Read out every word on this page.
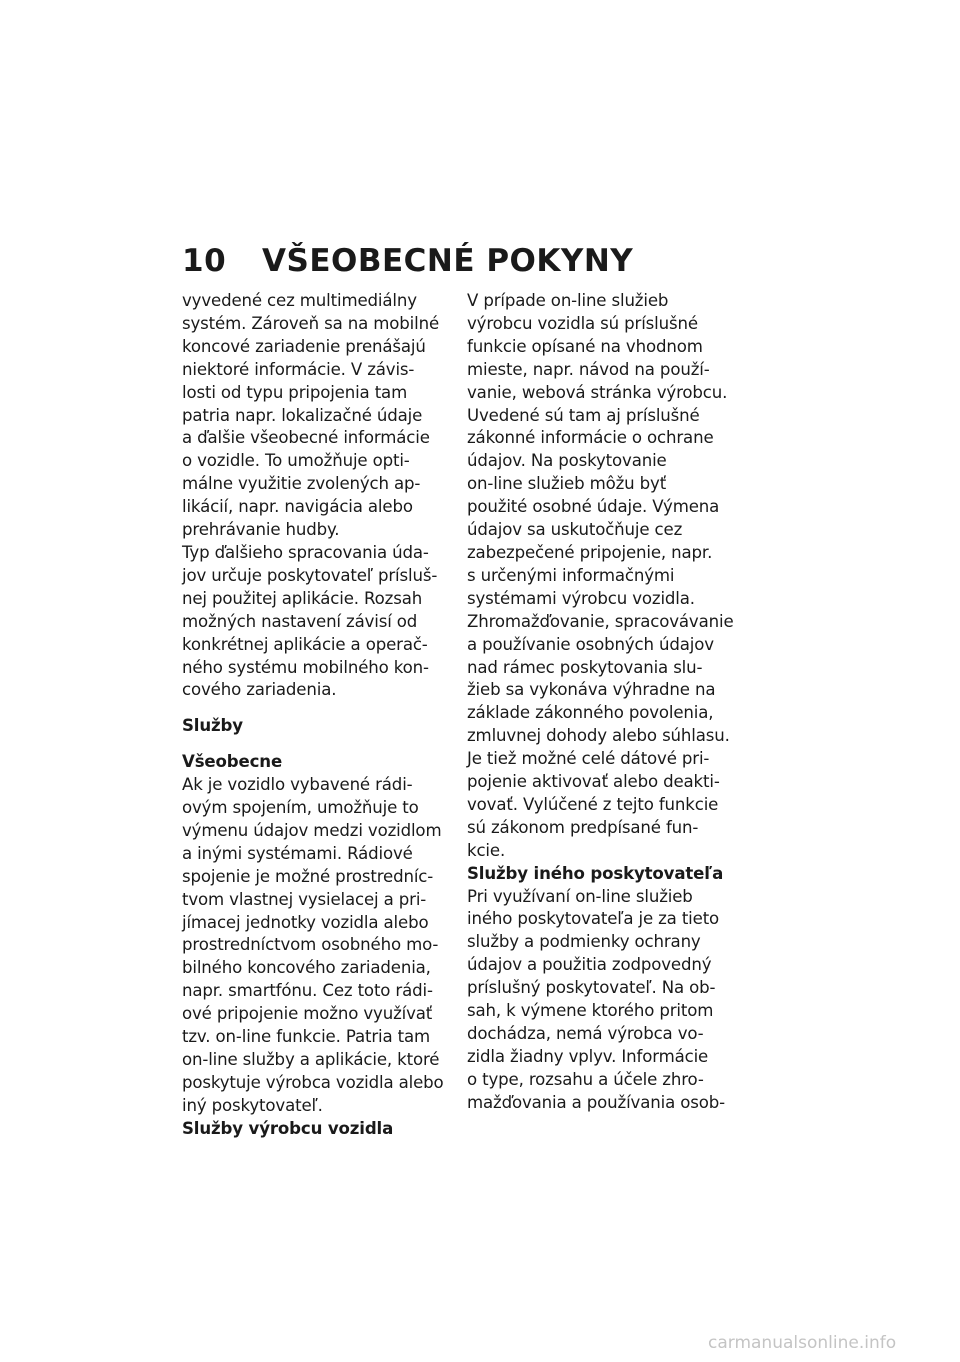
10 VŠEOBECNÉ POKYNY

vyvedené cez multimediálny
systém. Zároveň sa na mobilné
koncové zariadenie prenášajú
niektoré informácie. V závis-
losti od typu pripojenia tam
patria napr. lokalizačné údaje
a ďalšie všeobecné informácie
o vozidle. To umožňuje opti-
málne využitie zvolených ap-
likácií, napr. navigácia alebo
prehrávanie hudby.

Typ ďalšieho spracovania úda-
jov určuje poskytovateľ prísluš-
nej použitej aplikácie. Rozsah
možných nastavení závisí od
konkrétnej aplikácie a operač-
ného systému mobilného kon-
cového zariadenia.

Služby

Všeobecne

Ak je vozidlo vybavené rádi-
ovým spojením, umožňuje to
výmenu údajov medzi vozidlom
a inými systémami. Rádiové
spojenie je možné prostredníc-
tvom vlastnej vysielacej a pri-
jímacej jednotky vozidla alebo
prostredníctvom osobného mo-
bilného koncového zariadenia,
napr. smartfónu. Cez toto rádi-
ové pripojenie možno využívať
tzv. on-line funkcie. Patria tam
on-line služby a aplikácie, ktoré
poskytuje výrobca vozidla alebo
iný poskytovateľ.

Služby výrobcu vozidla

V prípade on-line služieb
výrobcu vozidla sú príslušné
funkcie opísané na vhodnom
mieste, napr. návod na použí-
vanie, webová stránka výrobcu.
Uvedené sú tam aj príslušné
zákonné informácie o ochrane
údajov. Na poskytovanie
on-line služieb môžu byť
použité osobné údaje. Výmena
údajov sa uskutočňuje cez
zabezpečené pripojenie, napr.
s určenými informačnými
systémami výrobcu vozidla.

Zhromažďovanie, spracovávanie
a používanie osobných údajov
nad rámec poskytovania slu-
žieb sa vykonáva výhradne na
základe zákonného povolenia,
zmluvnej dohody alebo súhlasu.

Je tiež možné celé dátové pri-
pojenie aktivovať alebo deakti-
vovať. Vylúčené z tejto funkcie
sú zákonom predpísané fun-
kcie.

Služby iného poskytovateľa

Pri využívaní on-line služieb
iného poskytovateľa je za tieto
služby a podmienky ochrany
údajov a použitia zodpovedný
príslušný poskytovateľ. Na ob-
sah, k výmene ktorého pritom
dochádza, nemá výrobca vo-
zidla žiadny vplyv. Informácie
o type, rozsahu a účele zhro-
mažďovania a používania osob-

carmanualsonline.info
